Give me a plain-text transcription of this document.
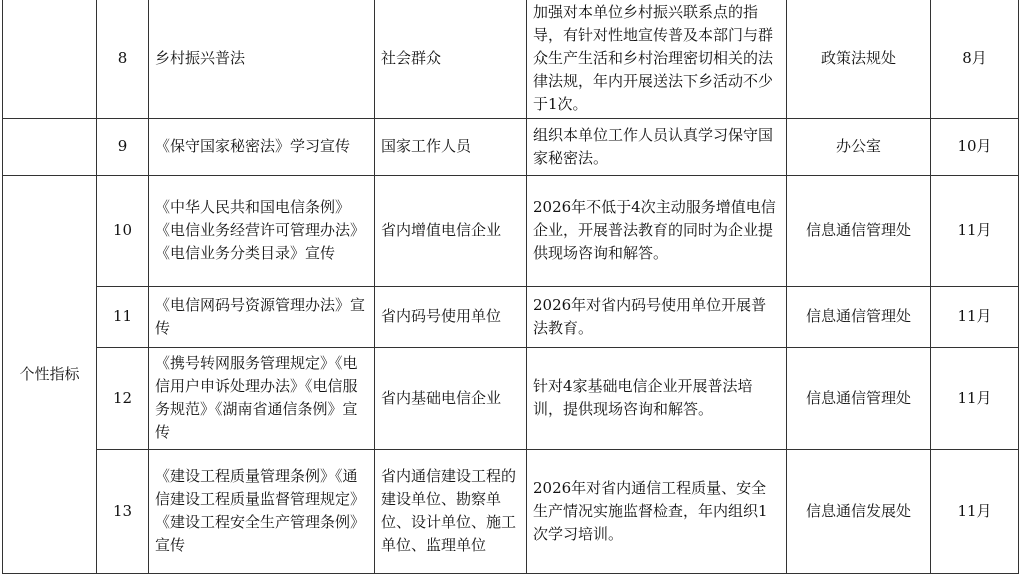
	8	乡村振兴普法	社会群众	加强对本单位乡村振兴联系点的指导，有针对性地宣传普及本部门与群众生产生活和乡村治理密切相关的法律法规，年内开展送法下乡活动不少于1次。	政策法规处	8月
	9	《保守国家秘密法》学习宣传	国家工作人员	组织本单位工作人员认真学习保守国家秘密法。	办公室	10月
个性指标	10	《中华人民共和国电信条例》《电信业务经营许可管理办法》《电信业务分类目录》宣传	省内增值电信企业	2026年不低于4次主动服务增值电信企业，开展普法教育的同时为企业提供现场咨询和解答。	信息通信管理处	11月
	11	《电信网码号资源管理办法》宣传	省内码号使用单位	2026年对省内码号使用单位开展普法教育。	信息通信管理处	11月
	12	《携号转网服务管理规定》《电信用户申诉处理办法》《电信服务规范》《湖南省通信条例》宣传	省内基础电信企业	针对4家基础电信企业开展普法培训，提供现场咨询和解答。	信息通信管理处	11月
	13	《建设工程质量管理条例》《通信建设工程质量监督管理规定》《建设工程安全生产管理条例》宣传	省内通信建设工程的建设单位、勘察单位、设计单位、施工单位、监理单位	2026年对省内通信工程质量、安全生产情况实施监督检查，年内组织1次学习培训。	信息通信发展处	11月
